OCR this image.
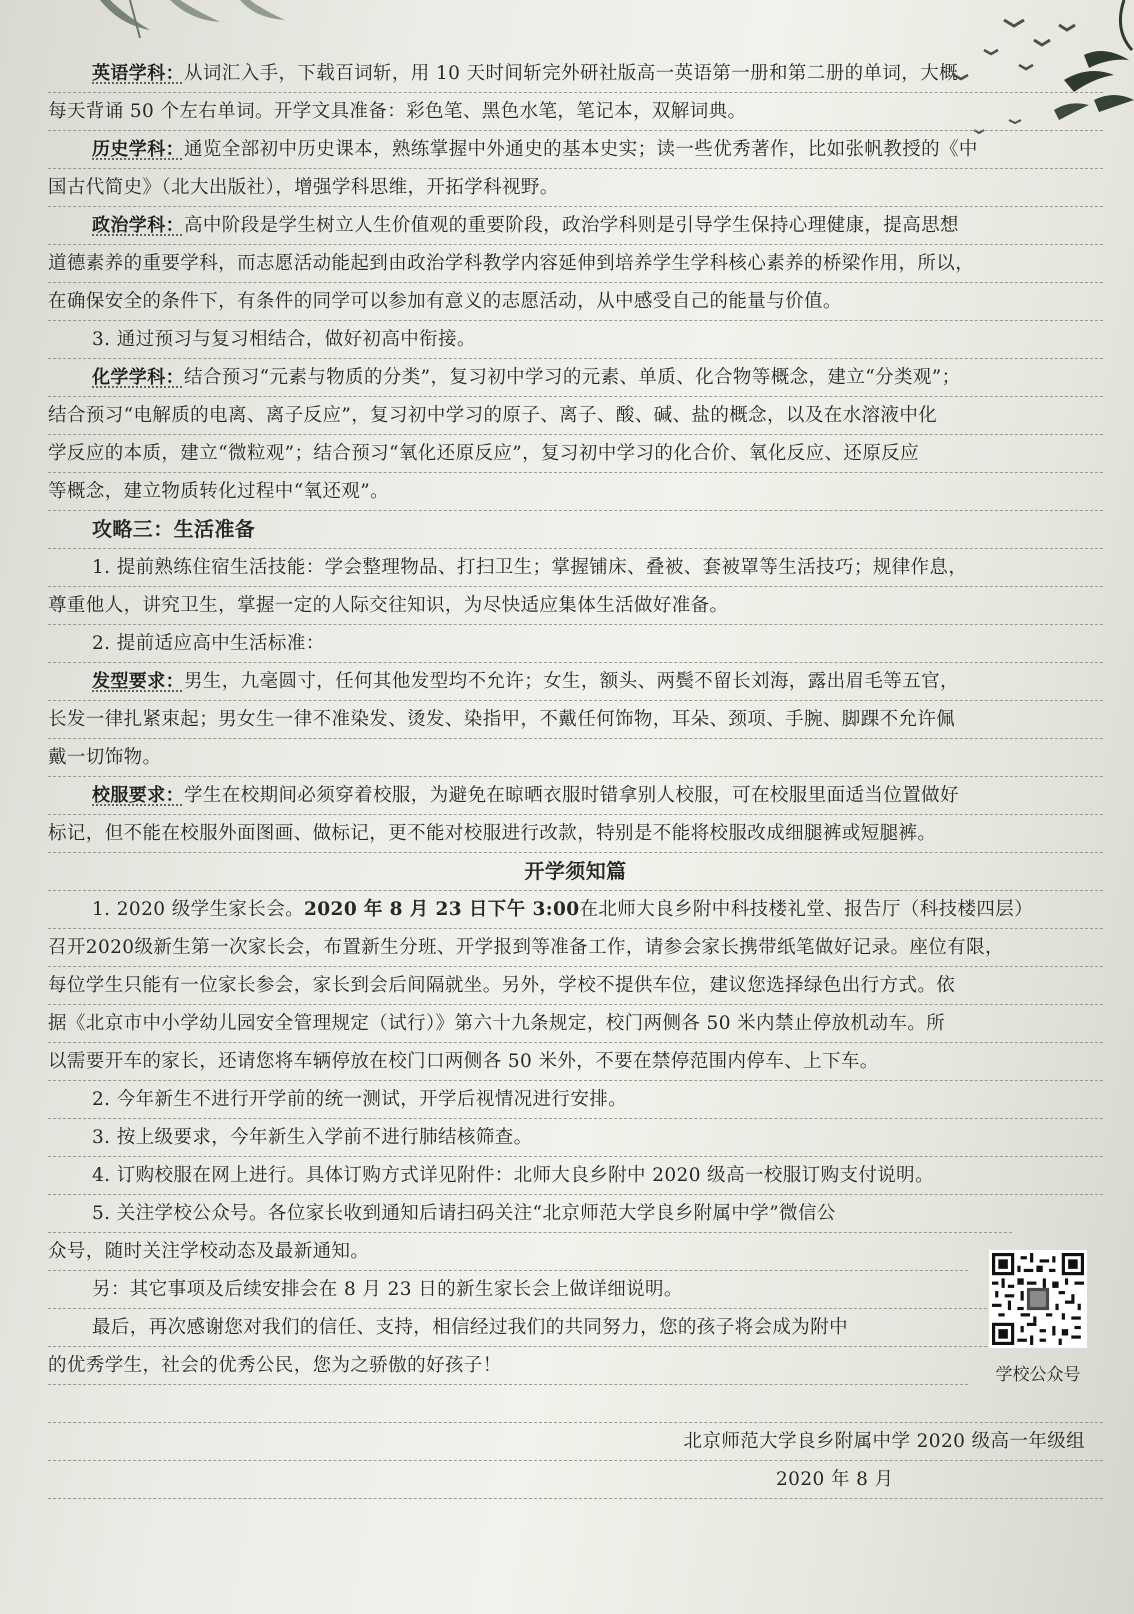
英语学科：从词汇入手，下载百词斩，用 10 天时间斩完外研社版高一英语第一册和第二册的单词，大概
每天背诵 50 个左右单词。开学文具准备：彩色笔、黑色水笔，笔记本，双解词典。
历史学科：通览全部初中历史课本，熟练掌握中外通史的基本史实；读一些优秀著作，比如张帆教授的《中
国古代简史》（北大出版社），增强学科思维，开拓学科视野。
政治学科：高中阶段是学生树立人生价值观的重要阶段，政治学科则是引导学生保持心理健康，提高思想
道德素养的重要学科，而志愿活动能起到由政治学科教学内容延伸到培养学生学科核心素养的桥梁作用，所以，
在确保安全的条件下，有条件的同学可以参加有意义的志愿活动，从中感受自己的能量与价值。
3. 通过预习与复习相结合，做好初高中衔接。
化学学科：结合预习“元素与物质的分类”，复习初中学习的元素、单质、化合物等概念，建立“分类观”；
结合预习“电解质的电离、离子反应”，复习初中学习的原子、离子、酸、碱、盐的概念，以及在水溶液中化
学反应的本质，建立“微粒观”；结合预习“氧化还原反应”，复习初中学习的化合价、氧化反应、还原反应
等概念，建立物质转化过程中“氧还观”。
攻略三：生活准备
1. 提前熟练住宿生活技能：学会整理物品、打扫卫生；掌握铺床、叠被、套被罩等生活技巧；规律作息，
尊重他人，讲究卫生，掌握一定的人际交往知识，为尽快适应集体生活做好准备。
2. 提前适应高中生活标准：
发型要求：男生，九毫圆寸，任何其他发型均不允许；女生，额头、两鬓不留长刘海，露出眉毛等五官，
长发一律扎紧束起；男女生一律不准染发、烫发、染指甲，不戴任何饰物，耳朵、颈项、手腕、脚踝不允许佩
戴一切饰物。
校服要求：学生在校期间必须穿着校服，为避免在晾晒衣服时错拿别人校服，可在校服里面适当位置做好
标记，但不能在校服外面图画、做标记，更不能对校服进行改款，特别是不能将校服改成细腿裤或短腿裤。
开学须知篇
1. 2020 级学生家长会。2020 年 8 月 23 日下午 3:00在北师大良乡附中科技楼礼堂、报告厅（科技楼四层）
召开2020级新生第一次家长会，布置新生分班、开学报到等准备工作，请参会家长携带纸笔做好记录。座位有限，
每位学生只能有一位家长参会，家长到会后间隔就坐。另外，学校不提供车位，建议您选择绿色出行方式。依
据《北京市中小学幼儿园安全管理规定（试行）》第六十九条规定，校门两侧各 50 米内禁止停放机动车。所
以需要开车的家长，还请您将车辆停放在校门口两侧各 50 米外，不要在禁停范围内停车、上下车。
2. 今年新生不进行开学前的统一测试，开学后视情况进行安排。
3. 按上级要求，今年新生入学前不进行肺结核筛查。
4. 订购校服在网上进行。具体订购方式详见附件：北师大良乡附中 2020 级高一校服订购支付说明。
5. 关注学校公众号。各位家长收到通知后请扫码关注“北京师范大学良乡附属中学”微信公
众号，随时关注学校动态及最新通知。
另：其它事项及后续安排会在 8 月 23 日的新生家长会上做详细说明。
最后，再次感谢您对我们的信任、支持，相信经过我们的共同努力，您的孩子将会成为附中
的优秀学生，社会的优秀公民，您为之骄傲的好孩子！
北京师范大学良乡附属中学 2020 级高一年级组
2020 年 8 月
学校公众号
